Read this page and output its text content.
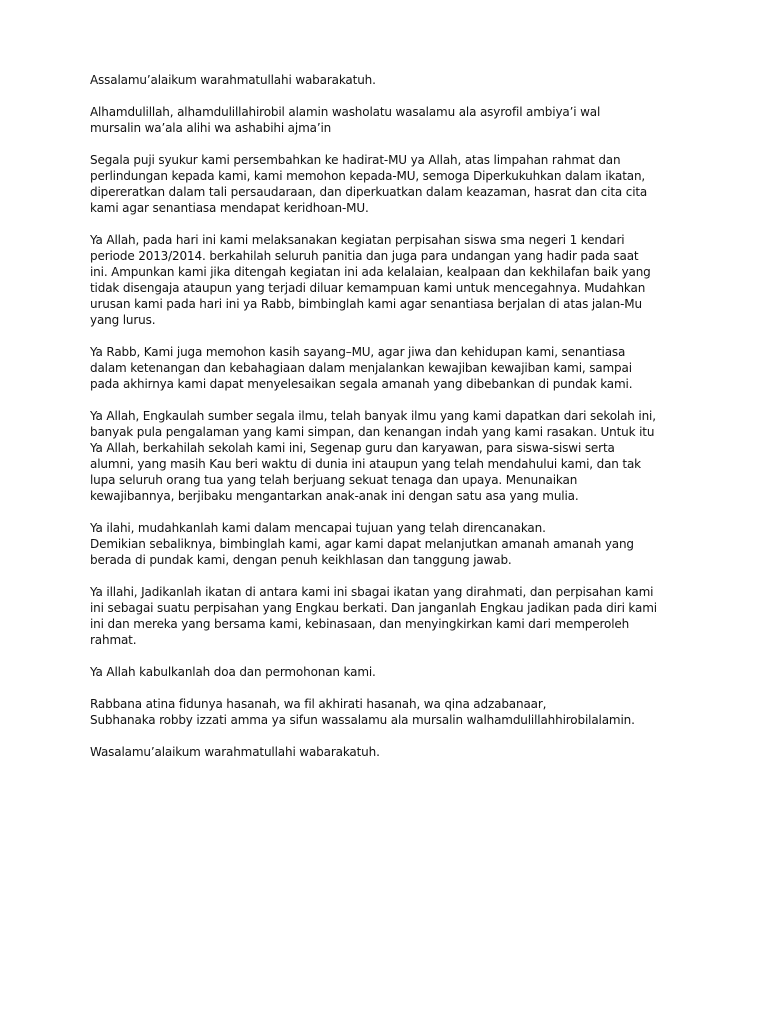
Assalamu’alaikum warahmatullahi wabarakatuh.
Alhamdulillah, alhamdulillahirobil alamin washolatu wasalamu ala asyrofil ambiya’i wal
mursalin wa’ala alihi wa ashabihi ajma’in
Segala puji syukur kami persembahkan ke hadirat-MU ya Allah, atas limpahan rahmat dan
perlindungan kepada kami, kami memohon kepada-MU, semoga Diperkukuhkan dalam ikatan,
dipereratkan dalam tali persaudaraan, dan diperkuatkan dalam keazaman, hasrat dan cita cita
kami agar senantiasa mendapat keridhoan-MU.
Ya Allah, pada hari ini kami melaksanakan kegiatan perpisahan siswa sma negeri 1 kendari
periode 2013/2014. berkahilah seluruh panitia dan juga para undangan yang hadir pada saat
ini. Ampunkan kami jika ditengah kegiatan ini ada kelalaian, kealpaan dan kekhilafan baik yang
tidak disengaja ataupun yang terjadi diluar kemampuan kami untuk mencegahnya. Mudahkan
urusan kami pada hari ini ya Rabb, bimbinglah kami agar senantiasa berjalan di atas jalan-Mu
yang lurus.
Ya Rabb, Kami juga memohon kasih sayang–MU, agar jiwa dan kehidupan kami, senantiasa
dalam ketenangan dan kebahagiaan dalam menjalankan kewajiban kewajiban kami, sampai
pada akhirnya kami dapat menyelesaikan segala amanah yang dibebankan di pundak kami.
Ya Allah, Engkaulah sumber segala ilmu, telah banyak ilmu yang kami dapatkan dari sekolah ini,
banyak pula pengalaman yang kami simpan, dan kenangan indah yang kami rasakan. Untuk itu
Ya Allah, berkahilah sekolah kami ini, Segenap guru dan karyawan, para siswa-siswi serta
alumni, yang masih Kau beri waktu di dunia ini ataupun yang telah mendahului kami, dan tak
lupa seluruh orang tua yang telah berjuang sekuat tenaga dan upaya. Menunaikan
kewajibannya, berjibaku mengantarkan anak-anak ini dengan satu asa yang mulia.
Ya ilahi, mudahkanlah kami dalam mencapai tujuan yang telah direncanakan.
Demikian sebaliknya, bimbinglah kami, agar kami dapat melanjutkan amanah amanah yang
berada di pundak kami, dengan penuh keikhlasan dan tanggung jawab.
Ya illahi, Jadikanlah ikatan di antara kami ini sbagai ikatan yang dirahmati, dan perpisahan kami
ini sebagai suatu perpisahan yang Engkau berkati. Dan janganlah Engkau jadikan pada diri kami
ini dan mereka yang bersama kami, kebinasaan, dan menyingkirkan kami dari memperoleh
rahmat.
Ya Allah kabulkanlah doa dan permohonan kami.
Rabbana atina fidunya hasanah, wa fil akhirati hasanah, wa qina adzabanaar,
Subhanaka robby izzati amma ya sifun wassalamu ala mursalin walhamdulillahhirobilalamin.
Wasalamu’alaikum warahmatullahi wabarakatuh.
